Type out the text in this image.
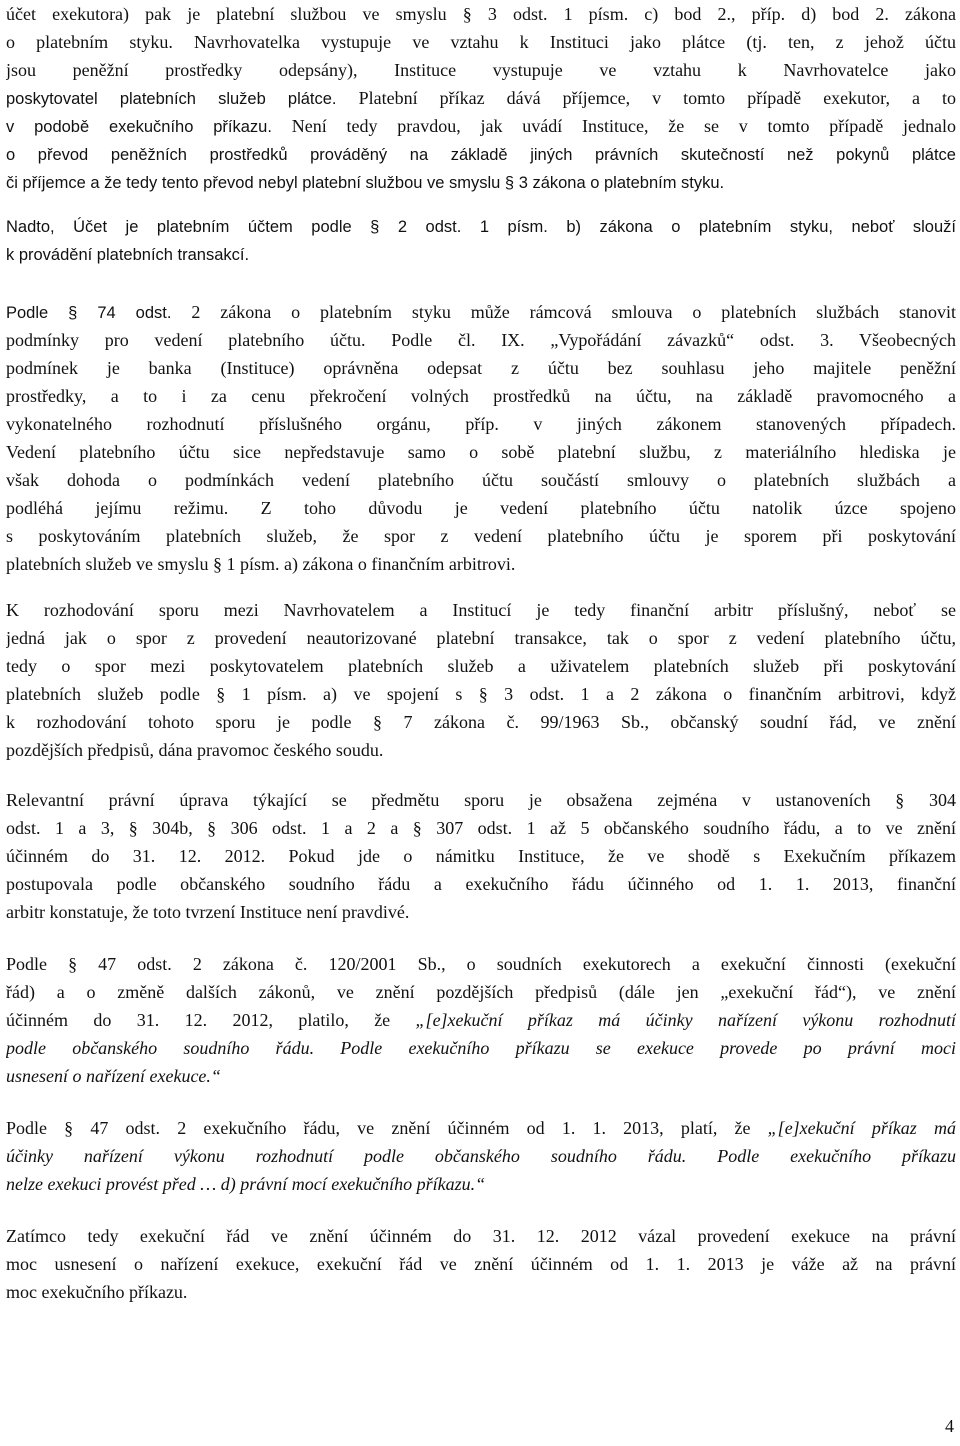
účet exekutora) pak je platební službou ve smyslu § 3 odst. 1 písm. c) bod 2., příp. d) bod 2. zákona
o platebním styku. Navrhovatelka vystupuje ve vztahu k Instituci jako plátce (tj. ten, z jehož účtu
jsou peněžní prostředky odepsány), Instituce vystupuje ve vztahu k Navrhovatelce jako
poskytovatel platebních služeb plátce. Platební příkaz dává příjemce, v tomto případě exekutor, a to
v podobě exekučního příkazu. Není tedy pravdou, jak uvádí Instituce, že se v tomto případě jednalo
o převod peněžních prostředků prováděný na základě jiných právních skutečností než pokynů plátce
či příjemce a že tedy tento převod nebyl platební službou ve smyslu § 3 zákona o platebním styku.
Nadto, Účet je platebním účtem podle § 2 odst. 1 písm. b) zákona o platebním styku, neboť slouží
k provádění platebních transakcí.
Podle § 74 odst. 2 zákona o platebním styku může rámcová smlouva o platebních službách stanovit
podmínky pro vedení platebního účtu. Podle čl. IX. „Vypořádání závazků“ odst. 3. Všeobecných
podmínek je banka (Instituce) oprávněna odepsat z účtu bez souhlasu jeho majitele peněžní
prostředky, a to i za cenu překročení volných prostředků na účtu, na základě pravomocného a
vykonatelného rozhodnutí příslušného orgánu, příp. v jiných zákonem stanovených případech.
Vedení platebního účtu sice nepředstavuje samo o sobě platební službu, z materiálního hlediska je
však dohoda o podmínkách vedení platebního účtu součástí smlouvy o platebních službách a
podléhá jejímu režimu. Z toho důvodu je vedení platebního účtu natolik úzce spojeno
s poskytováním platebních služeb, že spor z vedení platebního účtu je sporem při poskytování
platebních služeb ve smyslu § 1 písm. a) zákona o finančním arbitrovi.
K rozhodování sporu mezi Navrhovatelem a Institucí je tedy finanční arbitr příslušný, neboť se
jedná jak o spor z provedení neautorizované platební transakce, tak o spor z vedení platebního účtu,
tedy o spor mezi poskytovatelem platebních služeb a uživatelem platebních služeb při poskytování
platebních služeb podle § 1 písm. a) ve spojení s § 3 odst. 1 a 2 zákona o finančním arbitrovi, když
k rozhodování tohoto sporu je podle § 7 zákona č. 99/1963 Sb., občanský soudní řád, ve znění
pozdějších předpisů, dána pravomoc českého soudu.
Relevantní právní úprava týkající se předmětu sporu je obsažena zejména v ustanoveních § 304
odst. 1 a 3, § 304b, § 306 odst. 1 a 2 a § 307 odst. 1 až 5 občanského soudního řádu, a to ve znění
účinném do 31. 12. 2012. Pokud jde o námitku Instituce, že ve shodě s Exekučním příkazem
postupovala podle občanského soudního řádu a exekučního řádu účinného od 1. 1. 2013, finanční
arbitr konstatuje, že toto tvrzení Instituce není pravdivé.
Podle § 47 odst. 2 zákona č. 120/2001 Sb., o soudních exekutorech a exekuční činnosti (exekuční
řád) a o změně dalších zákonů, ve znění pozdějších předpisů (dále jen „exekuční řád“), ve znění
účinném do 31. 12. 2012, platilo, že „[e]xekuční příkaz má účinky nařízení výkonu rozhodnutí
podle občanského soudního řádu. Podle exekučního příkazu se exekuce provede po právní moci
usnesení o nařízení exekuce.“
Podle § 47 odst. 2 exekučního řádu, ve znění účinném od 1. 1. 2013, platí, že „[e]xekuční příkaz má
účinky nařízení výkonu rozhodnutí podle občanského soudního řádu. Podle exekučního příkazu
nelze exekuci provést před … d) právní mocí exekučního příkazu.“
Zatímco tedy exekuční řád ve znění účinném do 31. 12. 2012 vázal provedení exekuce na právní
moc usnesení o nařízení exekuce, exekuční řád ve znění účinném od 1. 1. 2013 je váže až na právní
moc exekučního příkazu.
4
